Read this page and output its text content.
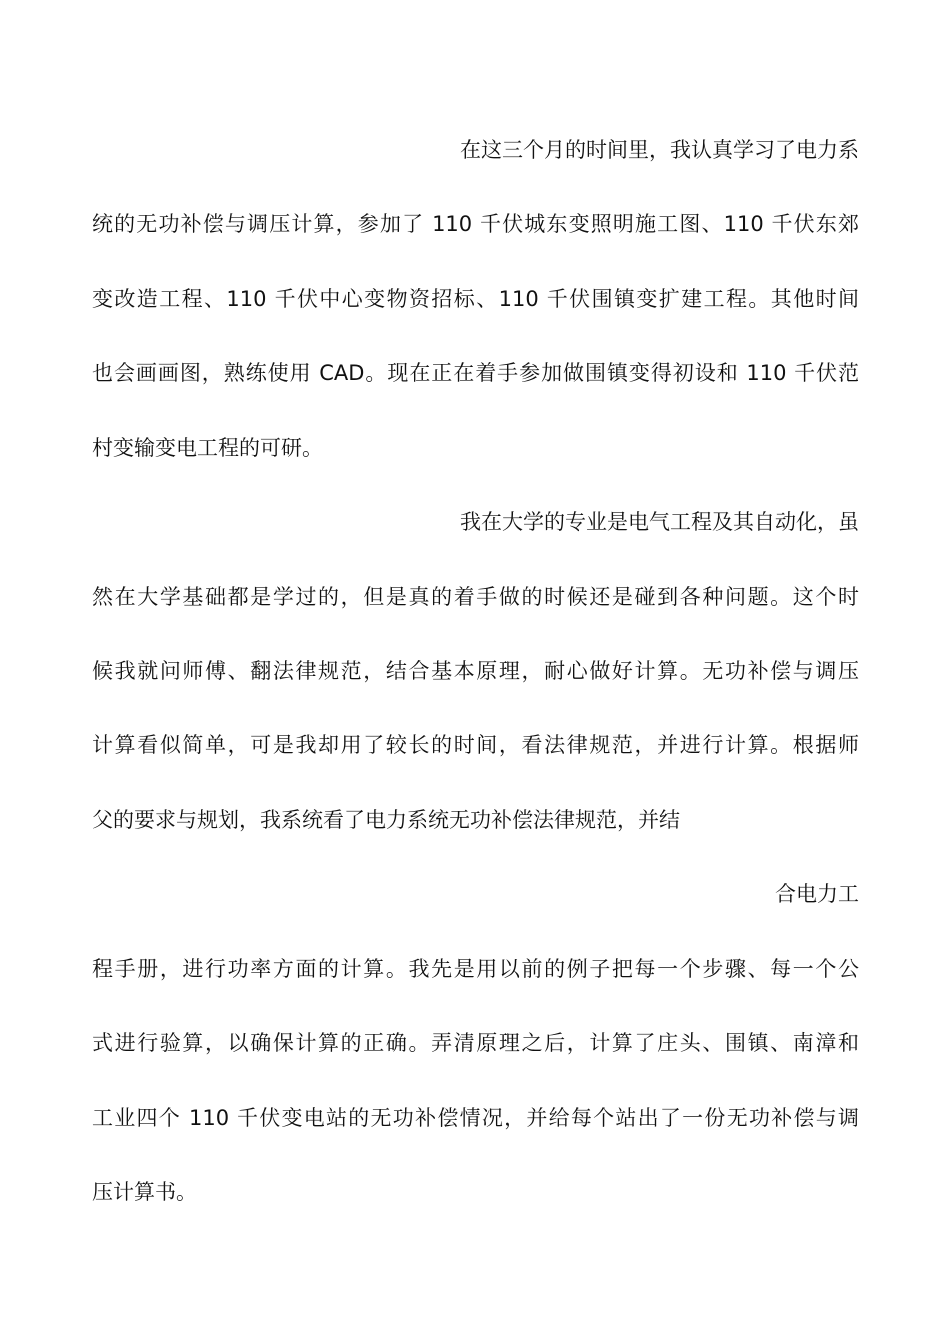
在这三个月的时间里，我认真学习了电力系
统的无功补偿与调压计算，参加了 110 千伏城东变照明施工图、110 千伏东郊
变改造工程、110 千伏中心变物资招标、110 千伏围镇变扩建工程。其他时间
也会画画图，熟练使用 CAD。现在正在着手参加做围镇变得初设和 110 千伏范
村变输变电工程的可研。
我在大学的专业是电气工程及其自动化，虽
然在大学基础都是学过的，但是真的着手做的时候还是碰到各种问题。这个时
候我就问师傅、翻法律规范，结合基本原理，耐心做好计算。无功补偿与调压
计算看似简单，可是我却用了较长的时间，看法律规范，并进行计算。根据师
父的要求与规划，我系统看了电力系统无功补偿法律规范，并结
合电力工
程手册，进行功率方面的计算。我先是用以前的例子把每一个步骤、每一个公
式进行验算，以确保计算的正确。弄清原理之后，计算了庄头、围镇、南漳和
工业四个 110 千伏变电站的无功补偿情况，并给每个站出了一份无功补偿与调
压计算书。
